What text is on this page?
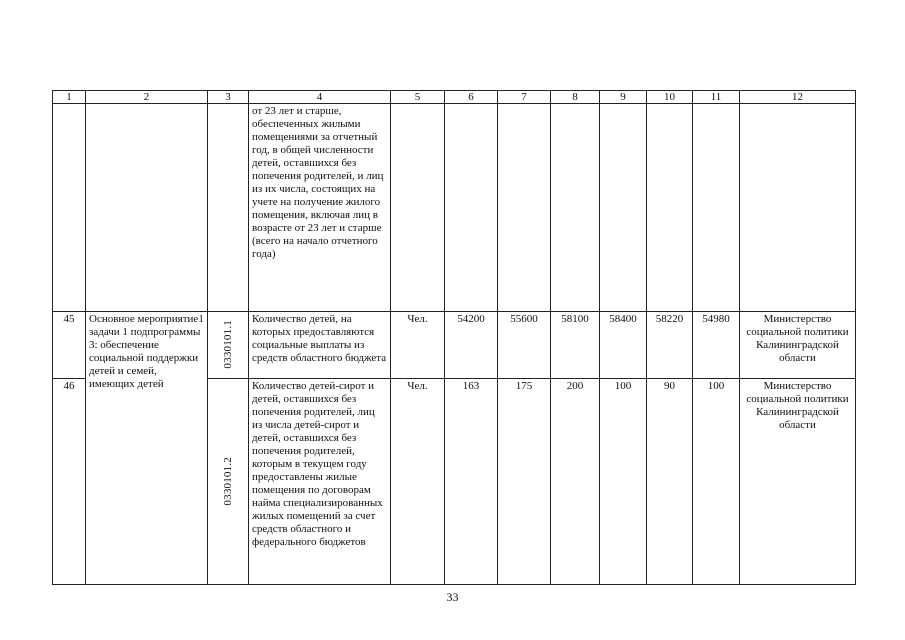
1	2	3	4	5	6	7	8	9	10	11	12
			от 23 лет и старше, обеспеченных жилыми помещениями за отчетный год, в общей численности детей, оставшихся без попечения родителей, и лиц из их числа, состоящих на учете на получение жилого помещения, включая лиц в возрасте от 23 лет и старше (всего на начало отчетного года)								
45	Основное мероприятие1 задачи 1 подпрограммы 3: обеспечение социальной поддержки детей и семей, имеющих детей	0330101.1	Количество детей, на которых предоставляются социальные выплаты из средств областного бюджета	Чел.	54200	55600	58100	58400	58220	54980	Министерство социальной политики Калининградской области
46		0330101.2	Количество детей-сирот и детей, оставшихся без попечения родителей, лиц из числа детей-сирот и детей, оставшихся без попечения родителей, которым в текущем году предоставлены жилые помещения по договорам найма специализированных жилых помещений за счет средств областного и федерального бюджетов	Чел.	163	175	200	100	90	100	Министерство социальной политики Калининградской области
33
